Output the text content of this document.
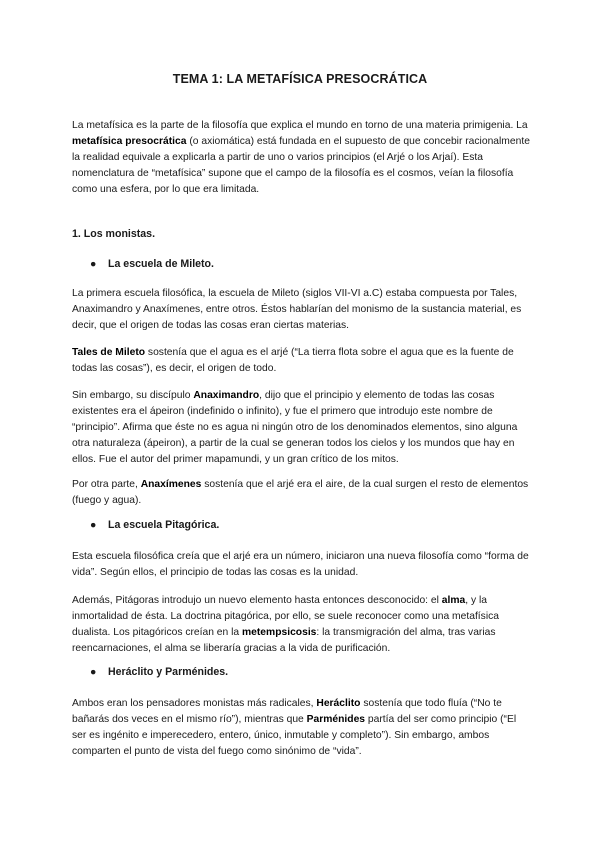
TEMA 1: LA METAFÍSICA PRESOCRÁTICA

La metafísica es la parte de la filosofía que explica el mundo en torno de una materia primigenia. La metafísica presocrática (o axiomática) está fundada en el supuesto de que concebir racionalmente la realidad equivale a explicarla a partir de uno o varios principios (el Arjé o los Arjaí). Esta nomenclatura de “metafísica” supone que el campo de la filosofía es el cosmos, veían la filosofía como una esfera, por lo que era limitada.

1. Los monistas.
● La escuela de Mileto.

La primera escuela filosófica, la escuela de Mileto (siglos VII-VI a.C) estaba compuesta por Tales, Anaximandro y Anaxímenes, entre otros. Éstos hablarían del monismo de la sustancia material, es decir, que el origen de todas las cosas eran ciertas materias.

Tales de Mileto sostenía que el agua es el arjé (“La tierra flota sobre el agua que es la fuente de todas las cosas”), es decir, el origen de todo.

Sin embargo, su discípulo Anaximandro, dijo que el principio y elemento de todas las cosas existentes era el ápeiron (indefinido o infinito), y fue el primero que introdujo este nombre de “principio”. Afirma que éste no es agua ni ningún otro de los denominados elementos, sino alguna otra naturaleza (ápeiron), a partir de la cual se generan todos los cielos y los mundos que hay en ellos. Fue el autor del primer mapamundi, y un gran crítico de los mitos.

Por otra parte, Anaxímenes sostenía que el arjé era el aire, de la cual surgen el resto de elementos (fuego y agua).

● La escuela Pitagórica.

Esta escuela filosófica creía que el arjé era un número, iniciaron una nueva filosofía como “forma de vida”. Según ellos, el principio de todas las cosas es la unidad.

Además, Pitágoras introdujo un nuevo elemento hasta entonces desconocido: el alma, y la inmortalidad de ésta. La doctrina pitagórica, por ello, se suele reconocer como una metafísica dualista. Los pitagóricos creían en la metempsicosis: la transmigración del alma, tras varias reencarnaciones, el alma se liberaría gracias a la vida de purificación.

● Heráclito y Parménides.

Ambos eran los pensadores monistas más radicales, Heráclito sostenía que todo fluía (“No te bañarás dos veces en el mismo río”), mientras que Parménides partía del ser como principio (“El ser es ingénito e imperecedero, entero, único, inmutable y completo”). Sin embargo, ambos comparten el punto de vista del fuego como sinónimo de “vida”.
